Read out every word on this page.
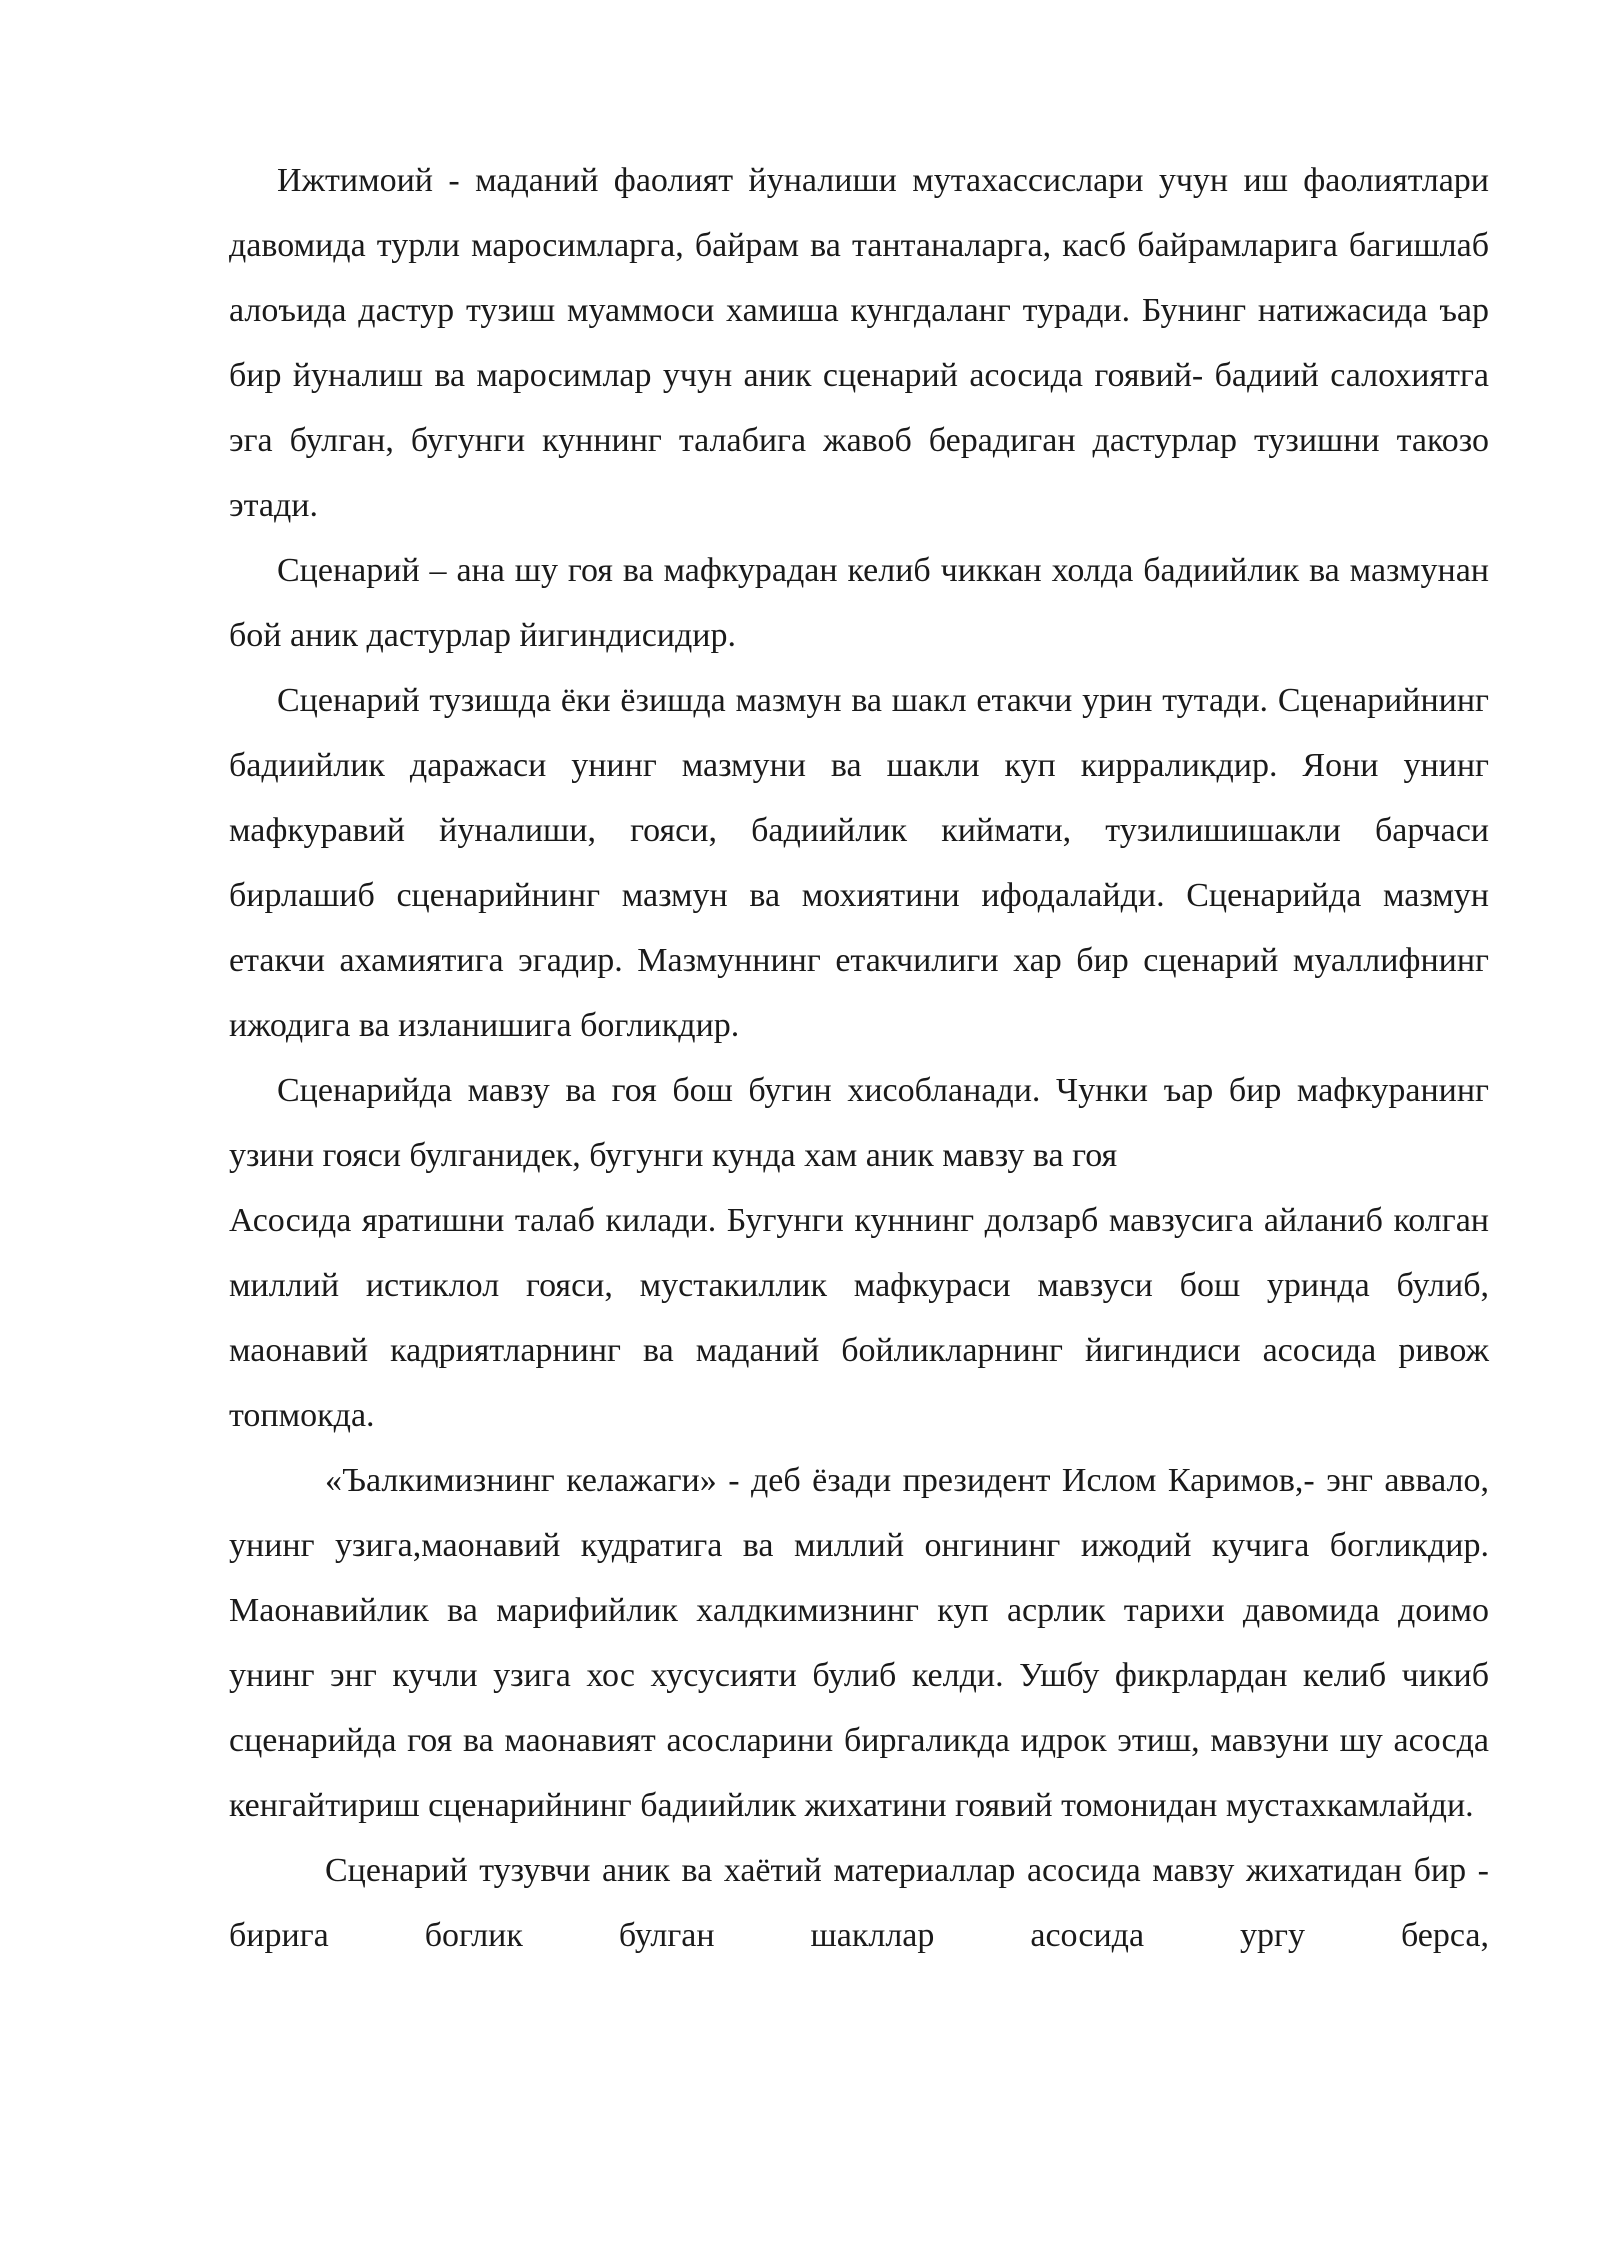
Ижтимоий - маданий фаолият йуналиши мутахассислари учун иш фаолиятлари давомида турли маросимларга, байрам ва тантаналарга, касб байрамларига багишлаб алоъида дастур тузиш муаммоси хамиша кунгдаланг туради. Бунинг натижасида ъар бир йуналиш ва маросимлар учун аник сценарий асосида гоявий- бадиий салохиятга эга булган, бугунги куннинг талабига жавоб берадиган дастурлар тузишни такозо этади.

Сценарий – ана шу гоя ва мафкурадан келиб чиккан холда бадиийлик ва мазмунан бой аник дастурлар йигиндисидир.

Сценарий тузишда ёки ёзишда мазмун ва шакл етакчи урин тутади. Сценарийнинг бадиийлик даражаси унинг мазмуни ва шакли куп кирраликдир. Яони унинг мафкуравий йуналиши, гояси, бадиийлик киймати, тузилишишакли барчаси бирлашиб сценарийнинг мазмун ва мохиятини ифодалайди. Сценарийда мазмун етакчи ахамиятига эгадир. Мазмуннинг етакчилиги хар бир сценарий муаллифнинг ижодига ва изланишига богликдир.

Сценарийда мавзу ва гоя бош бугин хисобланади. Чунки ъар бир мафкуранинг узини гояси булганидек, бугунги кунда хам аник мавзу ва гоя

Асосида яратишни талаб килади. Бугунги куннинг долзарб мавзусига айланиб колган миллий истиклол гояси, мустакиллик мафкураси мавзуси бош уринда булиб, маонавий кадриятларнинг ва маданий бойликларнинг йигиндиси асосида ривож топмокда.

«Ъалкимизнинг келажаги» - деб ёзади президент Ислом Каримов,- энг аввало, унинг узига,маонавий кудратига ва миллий онгининг ижодий кучига богликдир. Маонавийлик ва марифийлик халдкимизнинг куп асрлик тарихи давомида доимо унинг энг кучли узига хос хусусияти булиб келди. Ушбу фикрлардан келиб чикиб сценарийда гоя ва маонавият асосларини биргаликда идрок этиш, мавзуни шу асосда кенгайтириш сценарийнинг бадиийлик жихатини гоявий томонидан мустахкамлайди.

Сценарий тузувчи аник ва хаётий материаллар асосида мавзу жихатидан бир - бирига боглик булган шакллар асосида ургу берса,
